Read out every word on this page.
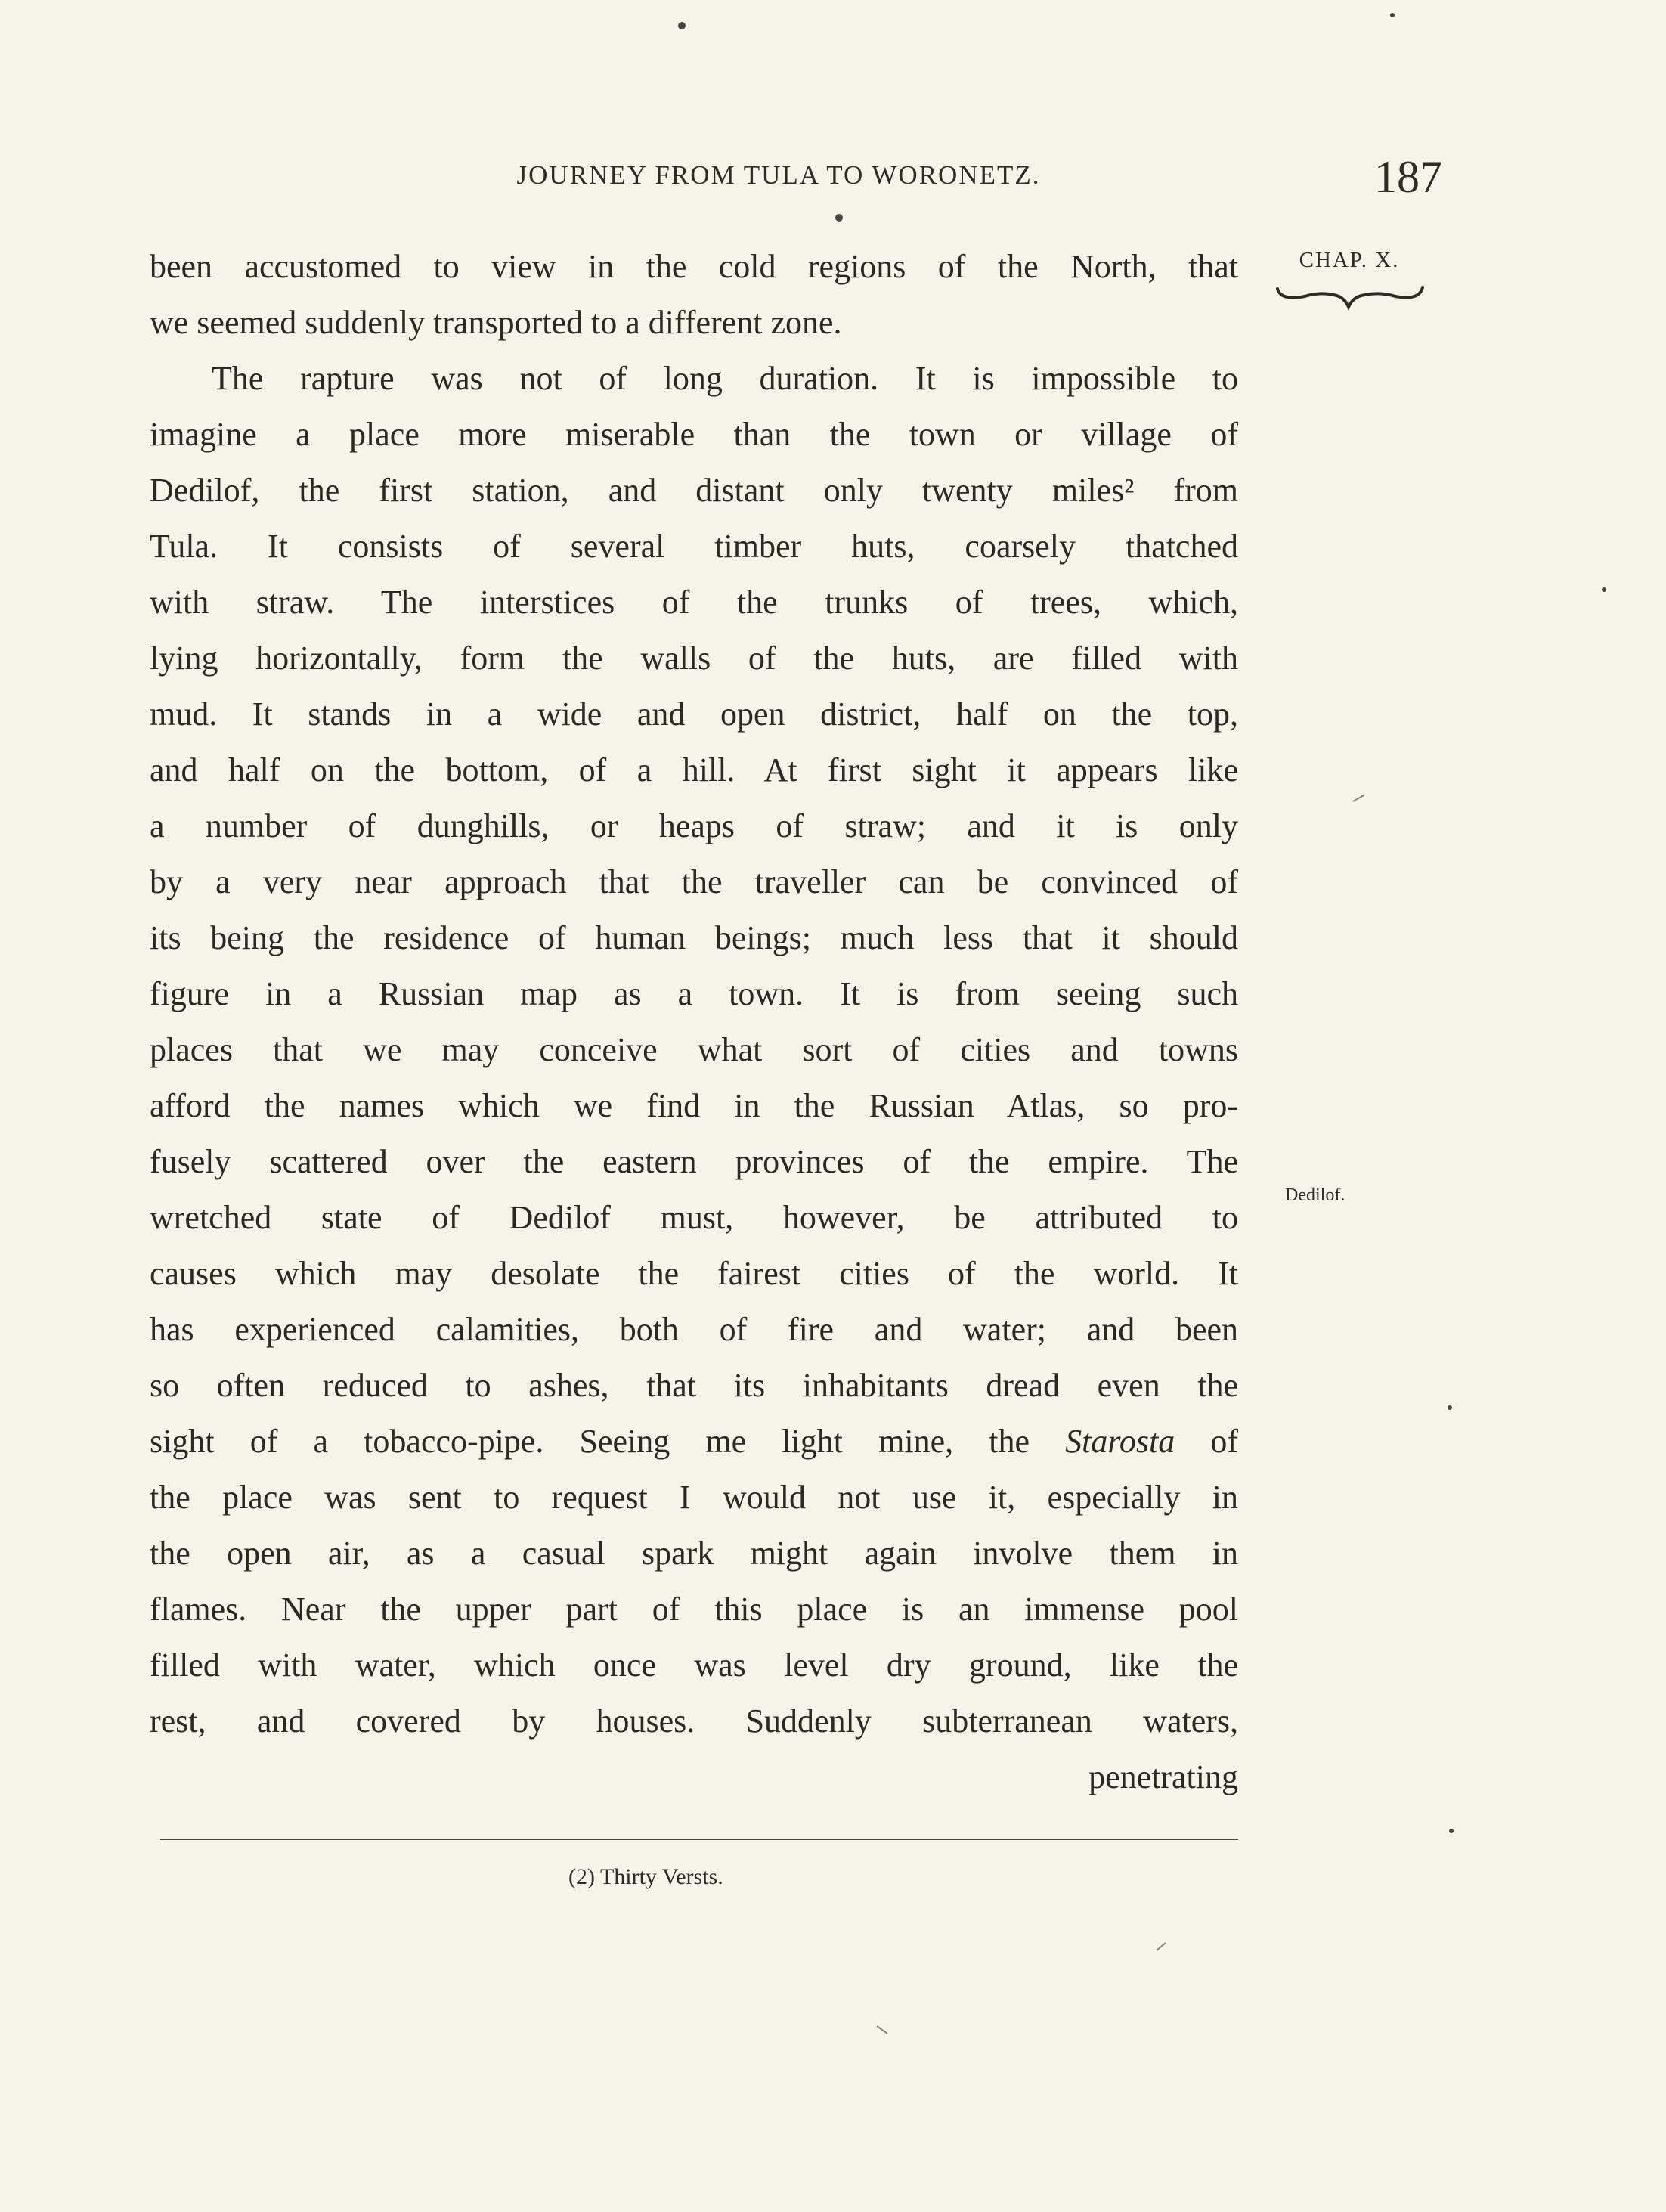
JOURNEY FROM TULA TO WORONETZ.	187
CHAP. X.
Dedilof.
been accustomed to view in the cold regions of the North, that
we seemed suddenly transported to a different zone.
The rapture was not of long duration. It is impossible to
imagine a place more miserable than the town or village of
Dedilof, the first station, and distant only twenty miles² from
Tula. It consists of several timber huts, coarsely thatched
with straw. The interstices of the trunks of trees, which,
lying horizontally, form the walls of the huts, are filled with
mud. It stands in a wide and open district, half on the top,
and half on the bottom, of a hill. At first sight it appears like
a number of dunghills, or heaps of straw; and it is only
by a very near approach that the traveller can be convinced of
its being the residence of human beings; much less that it should
figure in a Russian map as a town. It is from seeing such
places that we may conceive what sort of cities and towns
afford the names which we find in the Russian Atlas, so pro-
fusely scattered over the eastern provinces of the empire. The
wretched state of Dedilof must, however, be attributed to
causes which may desolate the fairest cities of the world. It
has experienced calamities, both of fire and water; and been
so often reduced to ashes, that its inhabitants dread even the
sight of a tobacco-pipe. Seeing me light mine, the Starosta of
the place was sent to request I would not use it, especially in
the open air, as a casual spark might again involve them in
flames. Near the upper part of this place is an immense pool
filled with water, which once was level dry ground, like the
rest, and covered by houses. Suddenly subterranean waters,
penetrating
(2) Thirty Versts.
